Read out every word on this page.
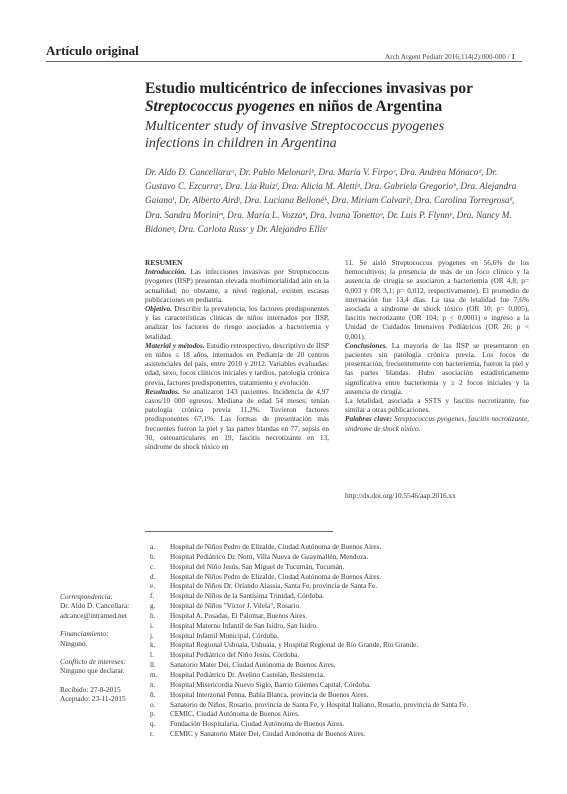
Artículo original	Arch Argent Pediatr 2016;114(2):000-000 / 1
Estudio multicéntrico de infecciones invasivas por
Streptococcus pyogenes en niños de Argentina
Multicenter study of invasive Streptococcus pyogenes
infections in children in Argentina
Dr. Aldo D. Cancellaraᵃ, Dr. Pablo Melonariᵇ, Dra. María V. Firpoᶜ, Dra. Andrea Mónacoᵈ, Dr. Gustavo C. Ezcurraᵉ, Dra. Lía Ruizᶠ, Dra. Alicia M. Alettiᵍ, Dra. Gabriela Gregorioʰ, Dra. Alejandra Gaianoⁱ, Dr. Alberto Airdʲ, Dra. Luciana Bellonéᵏ, Dra. Miriam Calvariˡ, Dra. Carolina Torregrosaˡˡ, Dra. Sandra Moriniᵐ, Dra. María L. Vozzaⁿ, Dra. Ivana Tonettoᵒ, Dr. Luis P. Flynnᵖ, Dra. Nancy M. Bidoneᵍ, Dra. Carlota Russʳ y Dr. Alejandro Ellisʳ
RESUMEN
Introducción. Las infecciones invasivas por Streptococcus pyogenes (IISP) presentan elevada morbimortalidad aún en la actualidad; no obstante, a nivel regional, existen escasas publicaciones en pediatría.
Objetivo. Describir la prevalencia, los factores predisponentes y las características clínicas de niños internados por IISP, analizar los factores de riesgo asociados a bacteriemia y letalidad.
Material y métodos. Estudio retrospectivo, descriptivo de IISP en niños ≤ 18 años, internados en Pediatría de 20 centros asistenciales del país, entre 2010 y 2012. Variables evaluadas: edad, sexo, focos clínicos iniciales y tardíos, patología crónica previa, factores predisponentes, tratamiento y evolución.
Resultados. Se analizaron 143 pacientes. Incidencia de 4,97 casos/10 000 egresos. Mediana de edad 54 meses; tenían patología crónica previa 11,2%. Tuvieron factores predisponentes 67,1%. Las formas de presentación más frecuentes fueron la piel y las partes blandas en 77, sepsis en 30, osteoarticulares en 19, fascitis necrotizante en 13, síndrome de shock tóxico en
11. Se aisló Streptococcus pyogenes en 56,6% de los hemocultivos; la presencia de más de un foco clínico y la ausencia de cirugía se asociaron a bacteriemia (OR 4,8; p= 0,003 y OR 3,1; p= 0,012, respectivamente). El promedio de internación fue 13,4 días. La tasa de letalidad fue 7,6% asociada a síndrome de shock tóxico (OR 10; p= 0,005), fascitis necrotizante (OR 104; p < 0,0001) e ingreso a la Unidad de Cuidados Intensivos Pediátricos (OR 26; p < 0,001).
Conclusiones. La mayoría de las IISP se presentaron en pacientes sin patología crónica previa. Los focos de presentación, frecuentemente con bacteriemia, fueron la piel y las partes blandas. Hubo asociación estadísticamente significativa entre bacteriemia y ≥ 2 focos iniciales y la ausencia de cirugía.
La letalidad, asociada a SSTS y fascitis necrotizante, fue similar a otras publicaciones.
Palabras clave: Streptococcus pyogenes, fascitis necrotizante, síndrome de shock tóxico.
http://dx.doi.org/10.5546/aap.2016.xx
a.	Hospital de Niños Pedro de Elizalde, Ciudad Autónoma de Buenos Aires.
b.	Hospital Pediátrico Dr. Notti, Villa Nueva de Guaymallén, Mendoza.
c.	Hospital del Niño Jesús, San Miguel de Tucumán, Tucumán.
d.	Hospital de Niños Pedro de Elizalde, Ciudad Autónoma de Buenos Aires.
e.	Hospital de Niños Dr. Orlando Alassia, Santa Fe, provincia de Santa Fe.
f.	Hospital de Niños de la Santísima Trinidad, Córdoba.
g.	Hospital de Niños "Víctor J. Vilela", Rosario.
h.	Hospital A. Posadas, El Palomar, Buenos Aires.
i.	Hospital Materno Infantil de San Isidro, San Isidro.
j.	Hospital Infantil Municipal, Córdoba.
k.	Hospital Regional Ushuaia, Ushuaia, y Hospital Regional de Río Grande, Río Grande.
l.	Hospital Pediátrico del Niño Jesús, Córdoba.
ll.	Sanatorio Mater Dei, Ciudad Autónoma de Buenos Aires.
m.	Hospital Pediátrico Dr. Avelino Castelán, Resistencia.
n.	Hospital Misericordia Nuevo Siglo, Barrio Güemes Capital, Córdoba.
ñ.	Hospital Interzonal Penna, Bahía Blanca, provincia de Buenos Aires.
o.	Sanatorio de Niños, Rosario, provincia de Santa Fe, y Hospital Italiano, Rosario, provincia de Santa Fe.
p.	CEMIC, Ciudad Autónoma de Buenos Aires.
q.	Fundación Hospitalaria, Ciudad Autónoma de Buenos Aires.
r.	CEMIC y Sanatorio Mater Dei, Ciudad Autónoma de Buenos Aires.
Correspondencia:
Dr. Aldo D. Cancellara:
adcance@intramed.net
Financiamiento:
Ninguno.
Conflicto de intereses:
Ninguno que declarar.
Recibido: 27-8-2015
Aceptado: 23-11-2015
